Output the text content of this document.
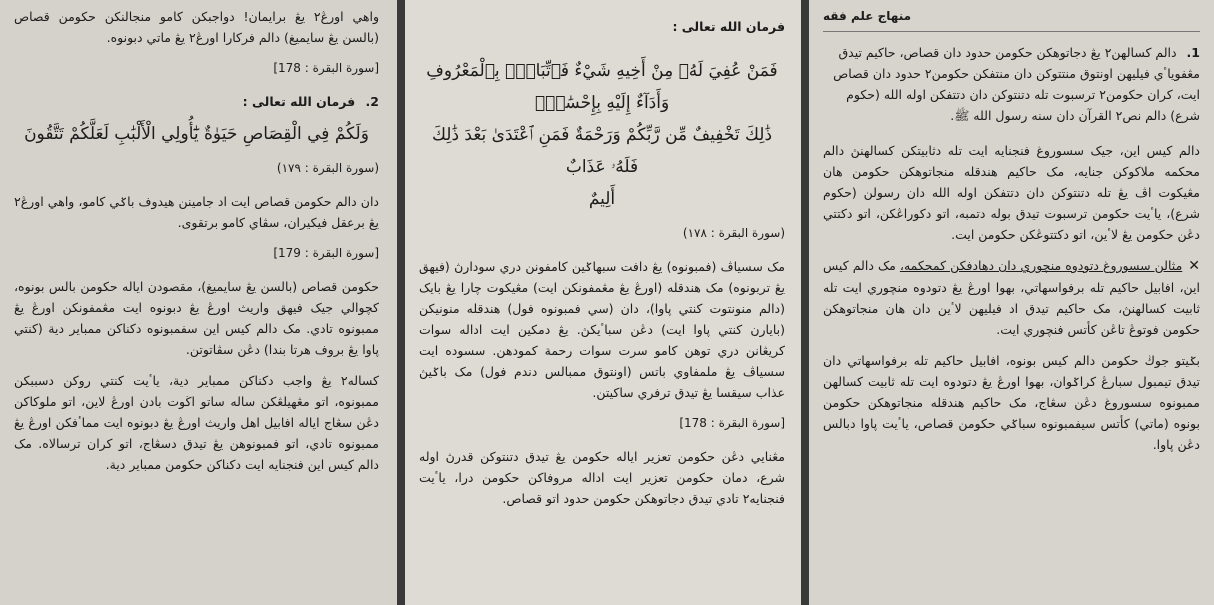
واهي اورڠ٢ يڠ برايمان! دواجبکن کامو منجالنکن حکومن قصاص (بالسن يڠ سايميغ) دالم فرکارا اورڠ٢ يڠ ماتي دبونوه.

[سورة البقرة : 178]
2. فرمان الله تعالى :
وَلَكُمْ فِي الْقِصَاصِ حَيَوٰةٌ يَٰٓأُولِي الْأَلْبَٰبِ لَعَلَّكُمْ تَتَّقُونَ
(سورة البقرة : ١٧٩)

دان دالم حکومن قصاص ايت اد جامينن هيدوف باݢي کامو، واهي اورڠ٢ يڠ برعقل فيکيران، سڤاي کامو برتقوى.

[سورة البقرة : 179]

حکومن قصاص (بالسن يڠ سايميغ)، مقصودن اياله حکومن بالس بونوه، کچوالي جيک فيهق واريث اورڠ يڠ دبونوه ايت مڠمفونکن اورڠ يڠ ممبونوه تادي. مک دالم کيس اين سفمبونوه دکناکن ممباير دية (کنتي پاوا يڠ بروف هرتا بندا) دڠن سڤاتوتن.

کساله٢ يڠ واجب دکناکن ممباير دية، ياٴيت کنتي روکن دسببکن ممبونوه، اتو مڠهيلڠکن ساله ساتو اڬوت بادن اورڠ لاين، اتو ملوکاکن دڠن سڠاج اياله افابيل اهل واريث اورڠ يڠ دبونوه ايت مماٴفکن اورڠ يڠ ممبونوه تادي، اتو فمبونوهن يڠ تيدق دسڠاج، اتو کران ترسالاه. مک دالم کيس اين فنجنايه ايت دکناکن حکومن ممباير دية.

فرمان الله تعالى :
فَمَنْ عُفِيَ لَهُۥ مِنْ أَخِيهِ شَيْءٌ فَٱتِّبَاعٌۢ بِٱلْمَعْرُوفِ وَأَدَآءٌ إِلَيْهِ بِإِحْسَٰنٍۢ
ذَٰلِكَ تَخْفِيفٌ مِّن رَّبِّكُمْ وَرَحْمَةٌ فَمَنِ ٱعْتَدَىٰ بَعْدَ ذَٰلِكَ فَلَهُۥ عَذَابٌ
أَلِيمٌ
(سورة البقرة : ١٧٨)

مک سسياڤ (فمبونوه) يڠ دافت سبهاݢين کامفونن دري سودارڽ (فيهق يڠ تربونوه) مک هندقله (اورڠ يڠ مڠمفونکن ايت) مڠيکوت چارا يڠ بايک (دالم منونتوت کنتي پاوا)، دان (سي فمبونوه فول) هندقله منونيکن (بايارن کنتي پاوا ايت) دڠن سباٴيکڽ. يڠ دمکين ايت اداله سوات کريڠانن دري توهن کامو سرت سوات رحمة کمودهن. سسوده ايت سسياڤ يڠ ملمفاوي باتس (اونتوق ممبالس دندم فول) مک باݢيڽ عذاب سيقسا يڠ تيدق ترفري ساکيتن.

[سورة البقرة : 178]

مڠنايي دڠن حکومن تعزير اياله حکومن يڠ تيدق دتنتوکن قدرڽ اوله شرع، دمان حکومن تعزير ايت اداله مروفاکن حکومن درا، ياٴيت فنجنايه٢ تادي تيدق دجاتوهکن حکومن حدود اتو قصاص.

منهاج علم فقه
1. دالم کسالهن٢ يڠ دجاتوهکن حکومن حدود دان قصاص، حاکيم تيدق مڠفوياٴي فيليهن اونتوق منتتوکن دان منتفکن حکومن٢ حدود دان قصاص ايت، کران حکومن٢ ترسبوت تله دتنتوکن دان دتتفکن اوله الله (حکوم شرع) دالم نص٢ القرآن دان سنه رسول الله ﷺ.

دالم کيس اين، جيک سسوروغ فنجنايه ايت تله دثابيتکن کسالهنڽ دالم محکمه ملاکوکن جنايه، مک حاکيم هندقله منجاتوهکن حکومن هان مڠيکوت اڤ يڠ تله دتنتوکن دان دتتفکن اوله الله دان رسولن (حکوم شرع)، ياٴيت حکومن ترسبوت تيدق بوله دتمبه، اتو دکوراڠکن، اتو دکتتي دڠن حکومن يڠ لاٴين، اتو دکتتوڠکن حکومن ايت.

✕مثالن سسوروغ دتودوه منچوري دان دهادفکن کمحکمه، مک دالم کيس اين، افابيل حاکيم تله برفواسهاتي، بهوا اورڠ يڠ دتودوه منچوري ايت تله ثابيت کسالهنڽ، مک حاکيم تيدق اد فيليهن لاٴين دان هان منجاتوهکن حکومن فوتوڠ تاڠن کأتس فنچوري ايت.

بݢيتو جوڬ حکومن دالم کيس بونوه، افابيل حاکيم تله برفواسهاتي دان تيدق تيمبول سبارڠ کراݢوان، بهوا اورڠ يڠ دتودوه ايت تله ثابيت کسالهن ممبونوه سسوروغ دڠن سڠاج، مک حاکيم هندقله منجاتوهکن حکومن بونوه (ماتي) کأتس سيفمبونوه سباݢي حکومن قصاص، ياٴيت پاوا دبالس دڠن پاوا.
